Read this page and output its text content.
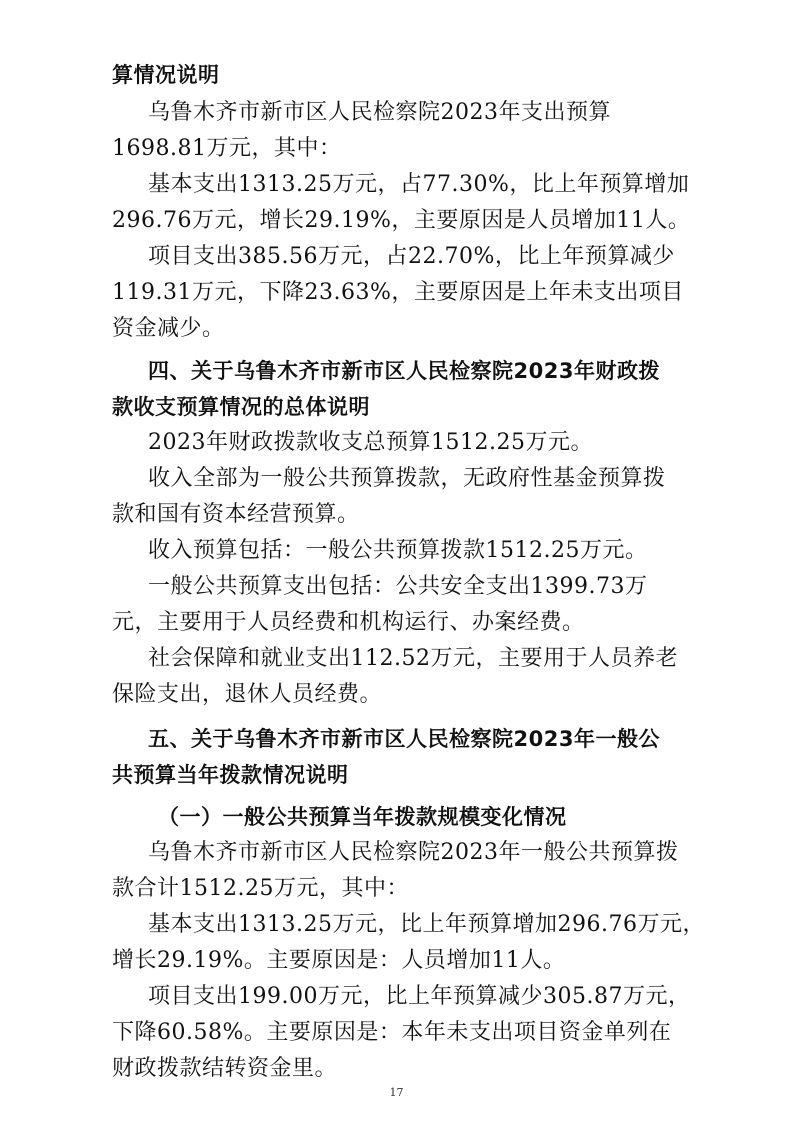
算情况说明
乌鲁木齐市新市区人民检察院2023年支出预算
1698.81万元，其中：
基本支出1313.25万元，占77.30%，比上年预算增加
296.76万元，增长29.19%，主要原因是人员增加11人。
项目支出385.56万元，占22.70%，比上年预算减少
119.31万元，下降23.63%，主要原因是上年未支出项目
资金减少。
四、关于乌鲁木齐市新市区人民检察院2023年财政拨
款收支预算情况的总体说明
2023年财政拨款收支总预算1512.25万元。
收入全部为一般公共预算拨款，无政府性基金预算拨
款和国有资本经营预算。
收入预算包括：一般公共预算拨款1512.25万元。
一般公共预算支出包括：公共安全支出1399.73万
元，主要用于人员经费和机构运行、办案经费。
社会保障和就业支出112.52万元，主要用于人员养老
保险支出，退休人员经费。
五、关于乌鲁木齐市新市区人民检察院2023年一般公
共预算当年拨款情况说明
（一）一般公共预算当年拨款规模变化情况
乌鲁木齐市新市区人民检察院2023年一般公共预算拨
款合计1512.25万元，其中：
基本支出1313.25万元，比上年预算增加296.76万元，
增长29.19%。主要原因是：人员增加11人。
项目支出199.00万元，比上年预算减少305.87万元，
下降60.58%。主要原因是：本年未支出项目资金单列在
财政拨款结转资金里。
17
